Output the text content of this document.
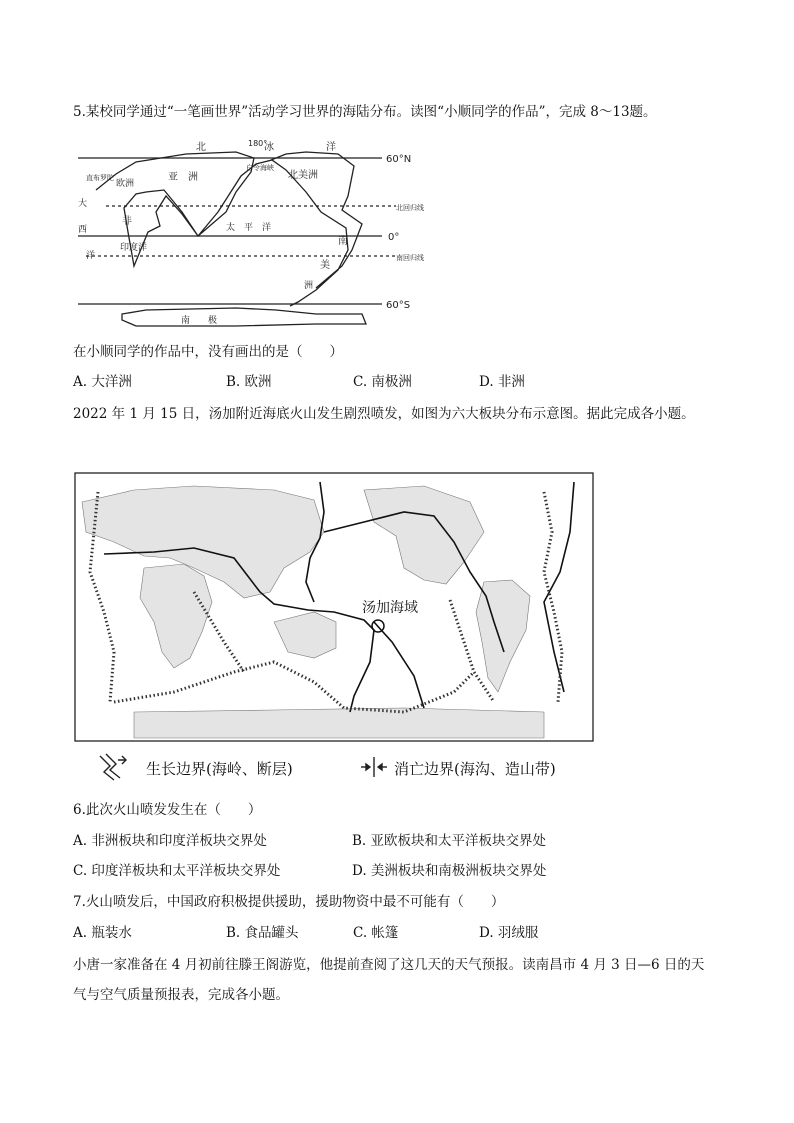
5.某校同学通过“一笔画世界”活动学习世界的海陆分布。读图“小顺同学的作品”，完成 8～13题。
60°N
0°
60°S
180°
北	冰	洋
亚　洲
欧洲
北美洲
非
太　平　洋
印度洋
南
美
洲
南　　极
大
西
洋
北回归线
南回归线
白令海峡
直布罗陀
在小顺同学的作品中，没有画出的是（　　）
A. 大洋洲	B. 欧洲	C. 南极洲	D. 非洲
2022 年 1 月 15 日，汤加附近海底火山发生剧烈喷发，如图为六大板块分布示意图。据此完成各小题。
汤加海域
生长边界(海岭、断层)	消亡边界(海沟、造山带)
6.此次火山喷发发生在（　　）
A. 非洲板块和印度洋板块交界处	B. 亚欧板块和太平洋板块交界处
C. 印度洋板块和太平洋板块交界处	D. 美洲板块和南极洲板块交界处
7.火山喷发后，中国政府积极提供援助，援助物资中最不可能有（　　）
A. 瓶装水	B. 食品罐头	C. 帐篷	D. 羽绒服
小唐一家准备在 4 月初前往滕王阁游览，他提前查阅了这几天的天气预报。读南昌市 4 月 3 日—6 日的天
气与空气质量预报表，完成各小题。
